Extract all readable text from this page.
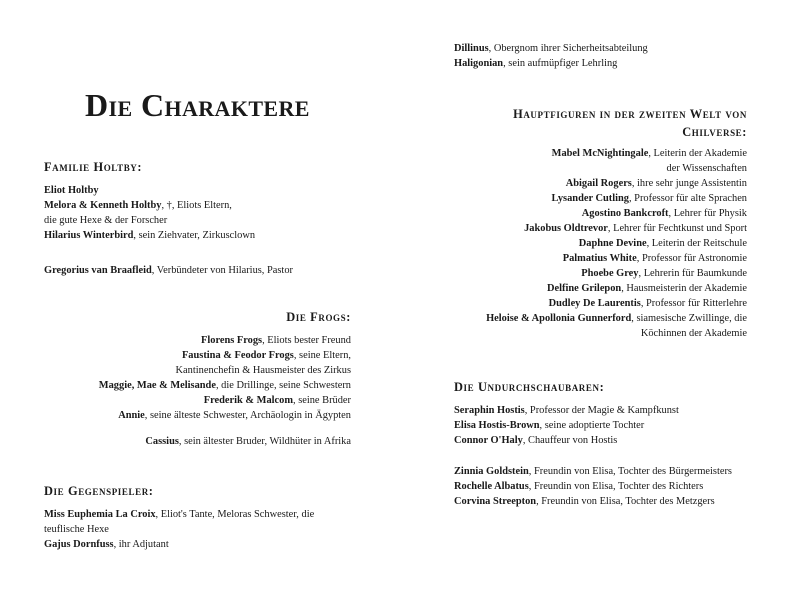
Die Charaktere
Familie Holtby:
Eliot Holtby
Melora & Kenneth Holtby, †, Eliots Eltern,
die gute Hexe & der Forscher
Hilarius Winterbird, sein Ziehvater, Zirkusclown
Gregorius van Braafleid, Verbündeter von Hilarius, Pastor
Die Frogs:
Florens Frogs, Eliots bester Freund
Faustina & Feodor Frogs, seine Eltern,
Kantinenchefin & Hausmeister des Zirkus
Maggie, Mae & Melisande, die Drillinge, seine Schwestern
Frederik & Malcom, seine Brüder
Annie, seine älteste Schwester, Archäologin in Ägypten
Cassius, sein ältester Bruder, Wildhüter in Afrika
Die Gegenspieler:
Miss Euphemia La Croix, Eliot's Tante, Meloras Schwester, die teuflische Hexe
Gajus Dornfuss, ihr Adjutant
Dillinus, Obergnom ihrer Sicherheitsabteilung
Haligonian, sein aufmüpfiger Lehrling
Hauptfiguren in der zweiten Welt von Chilverse:
Mabel McNightingale, Leiterin der Akademie der Wissenschaften
Abigail Rogers, ihre sehr junge Assistentin
Lysander Cutling, Professor für alte Sprachen
Agostino Bankcroft, Lehrer für Physik
Jakobus Oldtrevor, Lehrer für Fechtkunst und Sport
Daphne Devine, Leiterin der Reitschule
Palmatius White, Professor für Astronomie
Phoebe Grey, Lehrerin für Baumkunde
Delfine Grilepon, Hausmeisterin der Akademie
Dudley De Laurentis, Professor für Ritterlehre
Heloise & Apollonia Gunnerford, siamesische Zwillinge, die Köchinnen der Akademie
Die Undurchschaubaren:
Seraphin Hostis, Professor der Magie & Kampfkunst
Elisa Hostis-Brown, seine adoptierte Tochter
Connor O'Haly, Chauffeur von Hostis
Zinnia Goldstein, Freundin von Elisa, Tochter des Bürgermeisters
Rochelle Albatus, Freundin von Elisa, Tochter des Richters
Corvina Streepton, Freundin von Elisa, Tochter des Metzgers
